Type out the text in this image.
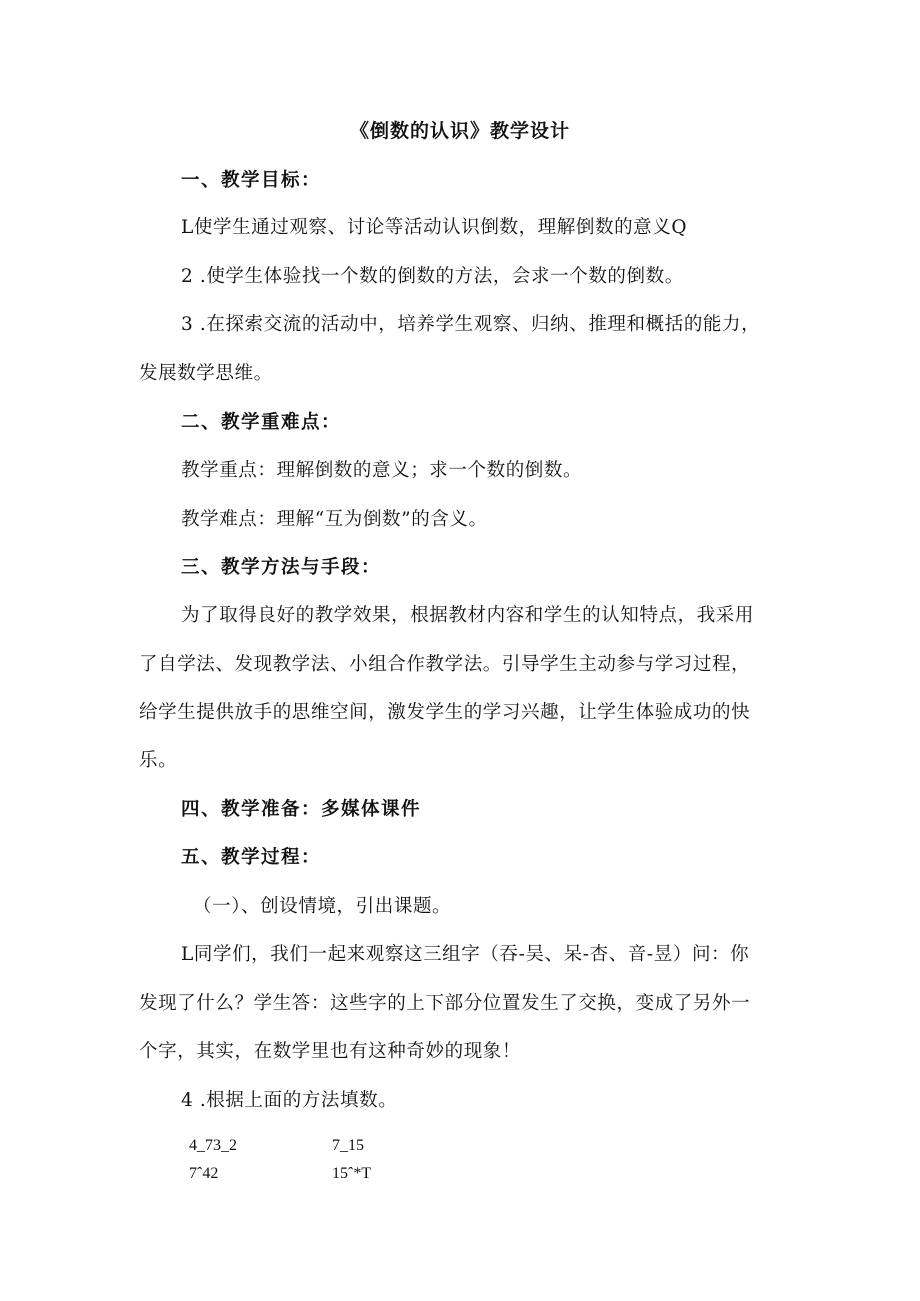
《倒数的认识》教学设计
一、教学目标：
L使学生通过观察、讨论等活动认识倒数，理解倒数的意义Q
2 .使学生体验找一个数的倒数的方法，会求一个数的倒数。
3 .在探索交流的活动中，培养学生观察、归纳、推理和概括的能力，
发展数学思维。
二、教学重难点：
教学重点：理解倒数的意义；求一个数的倒数。
教学难点：理解“互为倒数”的含义。
三、教学方法与手段：
为了取得良好的教学效果，根据教材内容和学生的认知特点，我采用
了自学法、发现教学法、小组合作教学法。引导学生主动参与学习过程，
给学生提供放手的思维空间，激发学生的学习兴趣，让学生体验成功的快
乐。
四、教学准备：多媒体课件
五、教学过程：
（一）、创设情境，引出课题。
L同学们，我们一起来观察这三组字（吞-吴、呆-杏、音-昱）问：你
发现了什么？学生答：这些字的上下部分位置发生了交换，变成了另外一
个字，其实，在数学里也有这种奇妙的现象！
4 .根据上面的方法填数。
4_73_2	7_15
7ˆ42	15ˆ*T
